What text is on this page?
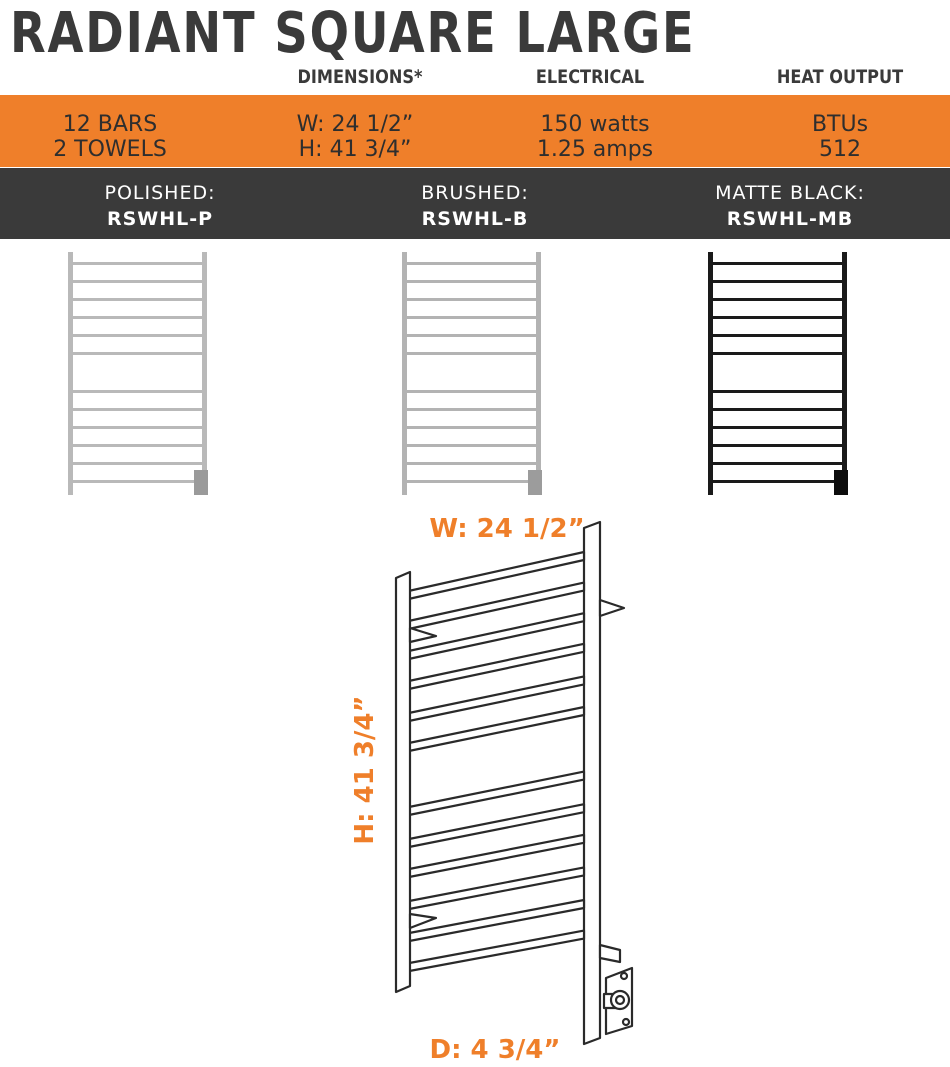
RADIANT SQUARE LARGE
DIMENSIONS*	ELECTRICAL	HEAT OUTPUT
12 BARS
2 TOWELS
W: 24 1/2”
H: 41 3/4”
150 watts
1.25 amps
BTUs
512
POLISHED:
RSWHL-P
BRUSHED:
RSWHL-B
MATTE BLACK:
RSWHL-MB
W: 24 1/2”
H: 41 3/4”
D: 4 3/4”
